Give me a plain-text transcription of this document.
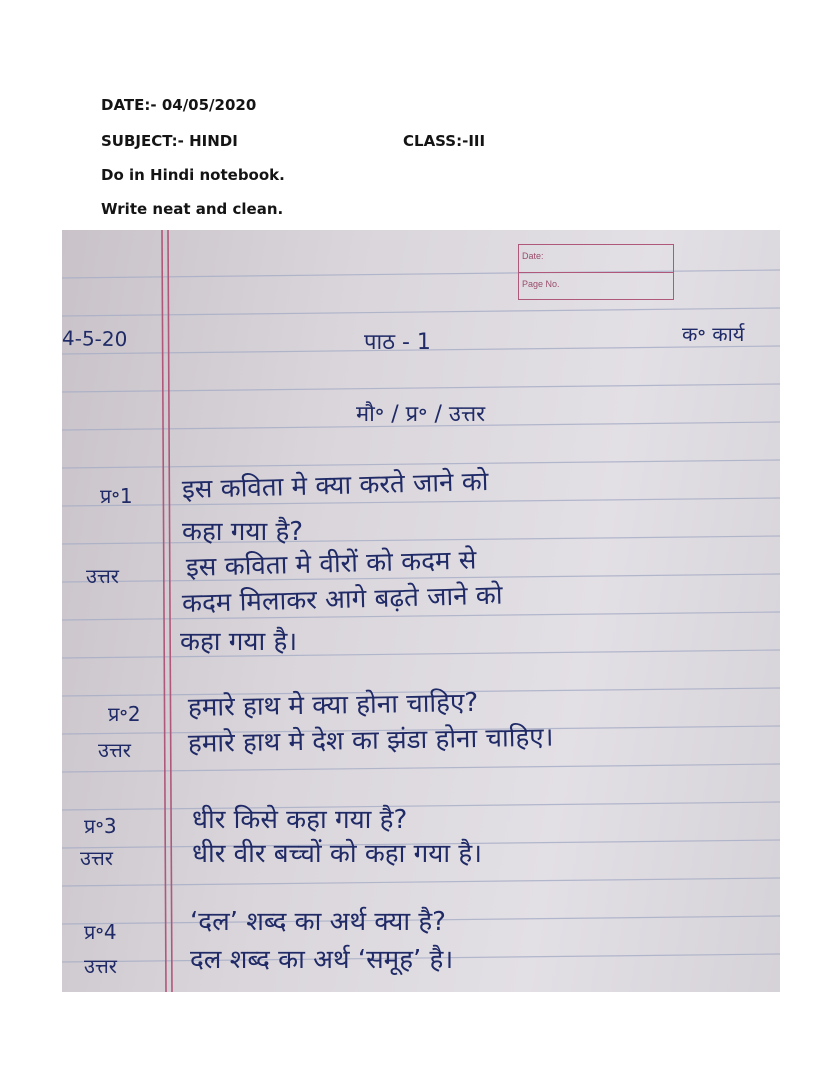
DATE:- 04/05/2020
SUBJECT:- HINDI	CLASS:-III
Do in Hindi notebook.
Write neat and clean.
Date:
Page No.
4-5-20	पाठ - 1	क॰ कार्य
मौ॰ / प्र॰ / उत्तर
प्र॰1 इस कविता मे क्या करते जाने को
कहा गया है?
उत्तर	इस कविता मे वीरों को कदम से
कदम मिलाकर आगे बढ़ते जाने को
कहा गया है।
प्र॰2 हमारे हाथ मे क्या होना चाहिए?
उत्तर हमारे हाथ मे देश का झंडा होना चाहिए।
प्र॰3	धीर किसे कहा गया है?
उत्तर	धीर वीर बच्चों को कहा गया है।
प्र॰4	‘दल’ शब्द का अर्थ क्या है?
उत्तर	दल शब्द का अर्थ ‘समूह’ है।
